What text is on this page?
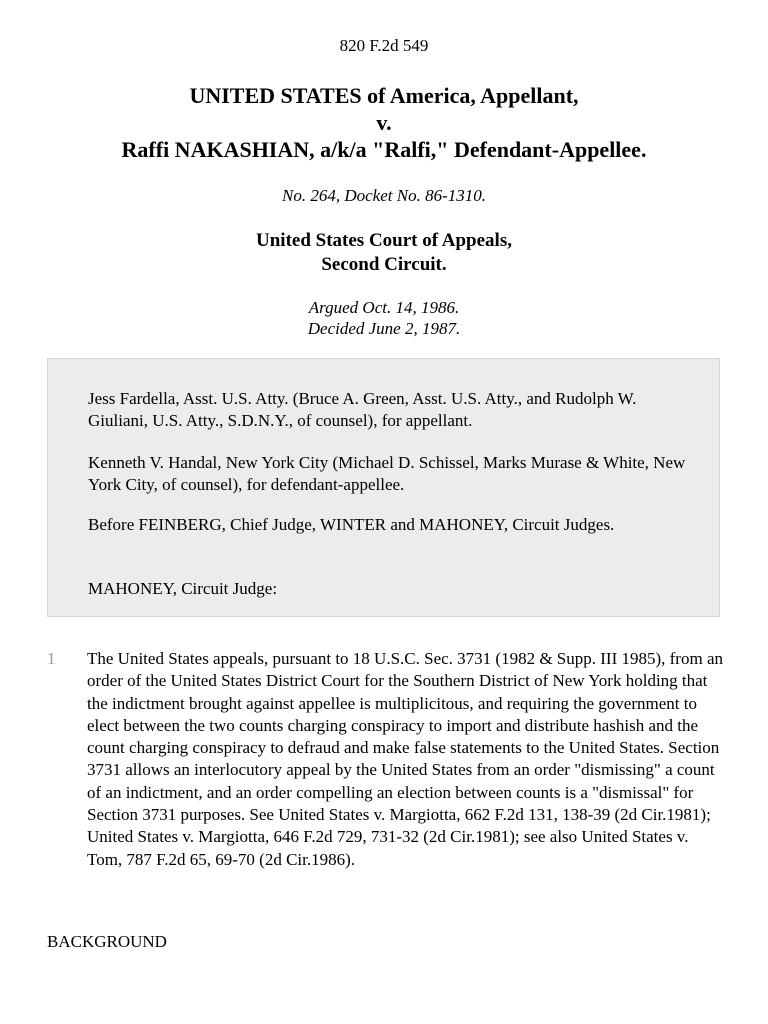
820 F.2d 549
UNITED STATES of America, Appellant,
v.
Raffi NAKASHIAN, a/k/a "Ralfi," Defendant-Appellee.
No. 264, Docket No. 86-1310.
United States Court of Appeals,
Second Circuit.
Argued Oct. 14, 1986.
Decided June 2, 1987.

Jess Fardella, Asst. U.S. Atty. (Bruce A. Green, Asst. U.S. Atty., and Rudolph W. Giuliani, U.S. Atty., S.D.N.Y., of counsel), for appellant.

Kenneth V. Handal, New York City (Michael D. Schissel, Marks Murase & White, New York City, of counsel), for defendant-appellee.

Before FEINBERG, Chief Judge, WINTER and MAHONEY, Circuit Judges.

MAHONEY, Circuit Judge:

1 The United States appeals, pursuant to 18 U.S.C. Sec. 3731 (1982 & Supp. III 1985), from an order of the United States District Court for the Southern District of New York holding that the indictment brought against appellee is multiplicitous, and requiring the government to elect between the two counts charging conspiracy to import and distribute hashish and the count charging conspiracy to defraud and make false statements to the United States. Section 3731 allows an interlocutory appeal by the United States from an order "dismissing" a count of an indictment, and an order compelling an election between counts is a "dismissal" for Section 3731 purposes. See United States v. Margiotta, 662 F.2d 131, 138-39 (2d Cir.1981); United States v. Margiotta, 646 F.2d 729, 731-32 (2d Cir.1981); see also United States v. Tom, 787 F.2d 65, 69-70 (2d Cir.1986).

BACKGROUND
